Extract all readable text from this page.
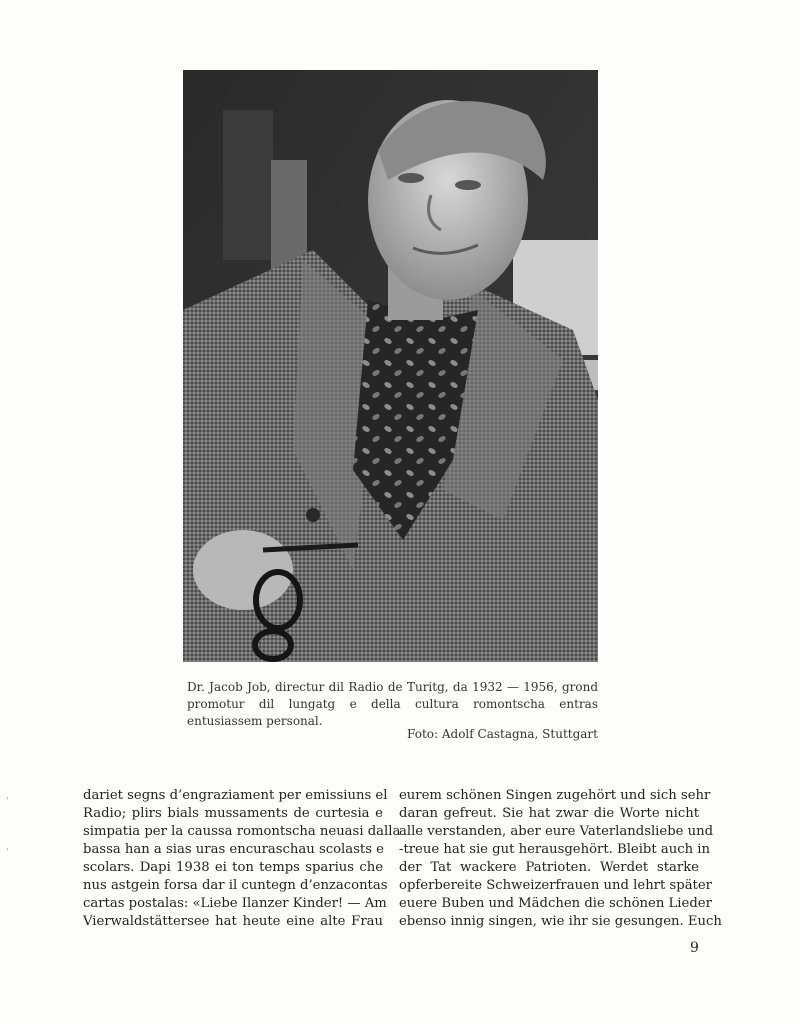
Dr. Jacob Job, directur dil Radio de Turitg, da 1932 — 1956, grond promotur dil lungatg e della cultura romontscha entras entusiassem personal.
Foto: Adolf Castagna, Stuttgart
dariet segns d’engraziament per emissiuns el
Radio; plirs bials mussaments de curtesia e
simpatia per la caussa romontscha neuasi dalla
bassa han a sias uras encuraschau scolasts e
scolars. Dapi 1938 ei ton temps sparius che
nus astgein forsa dar il cuntegn d’enzacontas
cartas postalas: «Liebe Ilanzer Kinder! — Am
Vierwaldstättersee hat heute eine alte Frau
eurem schönen Singen zugehört und sich sehr
daran gefreut. Sie hat zwar die Worte nicht
alle verstanden, aber eure Vaterlandsliebe und
-treue hat sie gut herausgehört. Bleibt auch in
der Tat wackere Patrioten. Werdet starke
opferbereite Schweizerfrauen und lehrt später
euere Buben und Mädchen die schönen Lieder
ebenso innig singen, wie ihr sie gesungen. Euch
9
'
'
